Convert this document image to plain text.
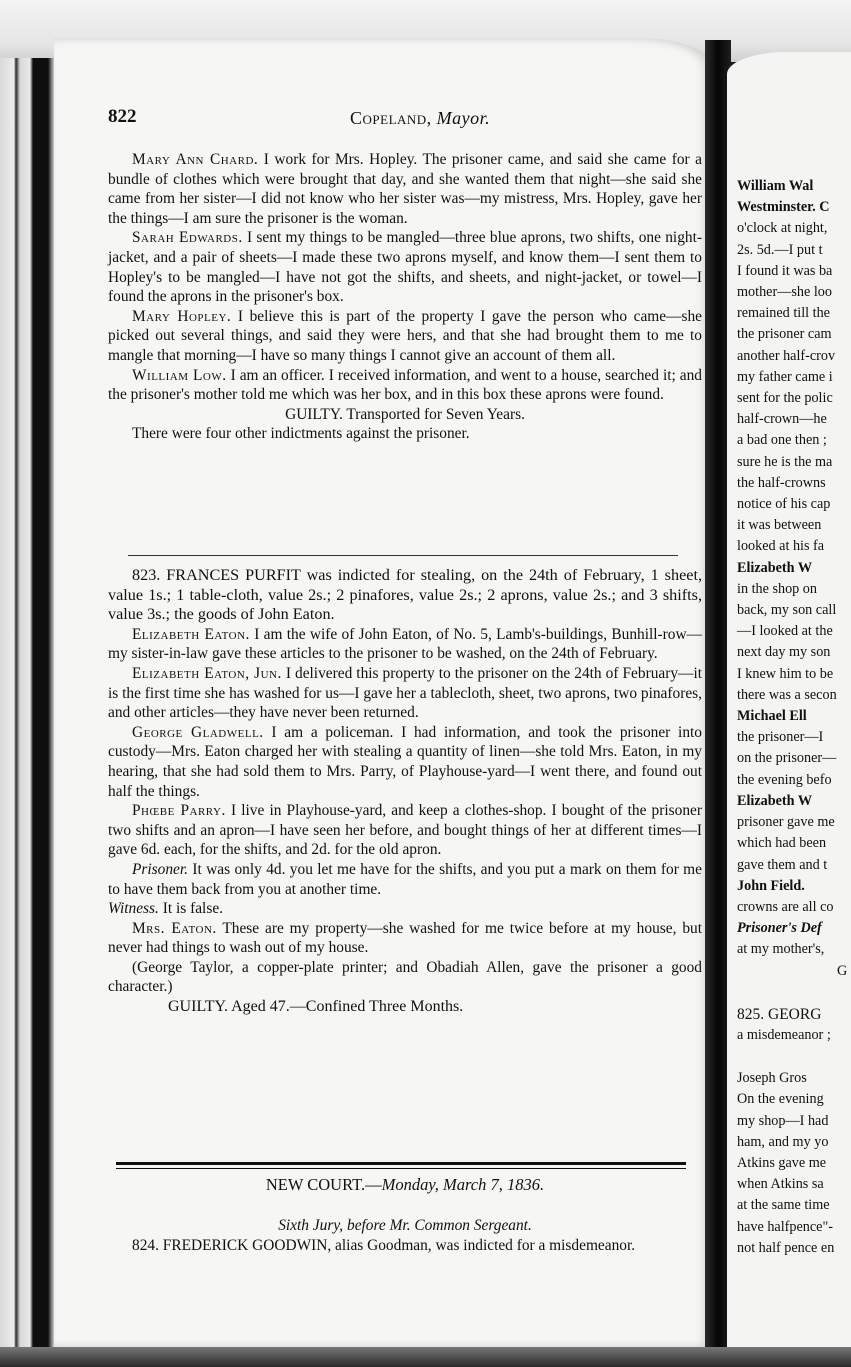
822	Copeland, Mayor.

Mary Ann Chard. I work for Mrs. Hopley. The prisoner came, and said she came for a bundle of clothes which were brought that day, and she wanted them that night—she said she came from her sister—I did not know who her sister was—my mistress, Mrs. Hopley, gave her the things—I am sure the prisoner is the woman.

Sarah Edwards. I sent my things to be mangled—three blue aprons, two shifts, one night-jacket, and a pair of sheets—I made these two aprons myself, and know them—I sent them to Hopley's to be mangled—I have not got the shifts, and sheets, and night-jacket, or towel—I found the aprons in the prisoner's box.

Mary Hopley. I believe this is part of the property I gave the person who came—she picked out several things, and said they were hers, and that she had brought them to me to mangle that morning—I have so many things I cannot give an account of them all.

William Low. I am an officer. I received information, and went to a house, searched it; and the prisoner's mother told me which was her box, and in this box these aprons were found.

GUILTY. Transported for Seven Years.

There were four other indictments against the prisoner.

823. FRANCES PURFIT was indicted for stealing, on the 24th of February, 1 sheet, value 1s.; 1 table-cloth, value 2s.; 2 pinafores, value 2s.; 2 aprons, value 2s.; and 3 shifts, value 3s.; the goods of John Eaton.

Elizabeth Eaton. I am the wife of John Eaton, of No. 5, Lamb's-buildings, Bunhill-row—my sister-in-law gave these articles to the prisoner to be washed, on the 24th of February.

Elizabeth Eaton, Jun. I delivered this property to the prisoner on the 24th of February—it is the first time she has washed for us—I gave her a tablecloth, sheet, two aprons, two pinafores, and other articles—they have never been returned.

George Gladwell. I am a policeman. I had information, and took the prisoner into custody—Mrs. Eaton charged her with stealing a quantity of linen—she told Mrs. Eaton, in my hearing, that she had sold them to Mrs. Parry, of Playhouse-yard—I went there, and found out half the things.

Phœbe Parry. I live in Playhouse-yard, and keep a clothes-shop. I bought of the prisoner two shifts and an apron—I have seen her before, and bought things of her at different times—I gave 6d. each, for the shifts, and 2d. for the old apron.

Prisoner. It was only 4d. you let me have for the shifts, and you put a mark on them for me to have them back from you at another time.

Witness. It is false.

Mrs. Eaton. These are my property—she washed for me twice before at my house, but never had things to wash out of my house.

(George Taylor, a copper-plate printer; and Obadiah Allen, gave the prisoner a good character.)

GUILTY. Aged 47.—Confined Three Months.

NEW COURT.—Monday, March 7, 1836.

Sixth Jury, before Mr. Common Sergeant.

824. FREDERICK GOODWIN, alias Goodman, was indicted for a misdemeanor.

William Wal
Westminster. C
o'clock at night,
2s. 5d.—I put t
I found it was ba
mother—she loo
remained till the
the prisoner cam
another half-crov
my father came i
sent for the polic
half-crown—he
a bad one then ;
sure he is the ma
the half-crowns
notice of his cap
it was between
looked at his fa
Elizabeth W
in the shop on
back, my son call
—I looked at the
next day my son
I knew him to be
there was a secon
Michael Ell
the prisoner—I
on the prisoner—
the evening befo
Elizabeth W
prisoner gave me
which had been
gave them and t
John Field.
crowns are all co
Prisoner's Def
at my mother's,
G
825. GEORG
a misdemeanor ;
Joseph Gros
On the evening
my shop—I had
ham, and my yo
Atkins gave me
when Atkins sa
at the same time
have halfpence"-
not half pence en
